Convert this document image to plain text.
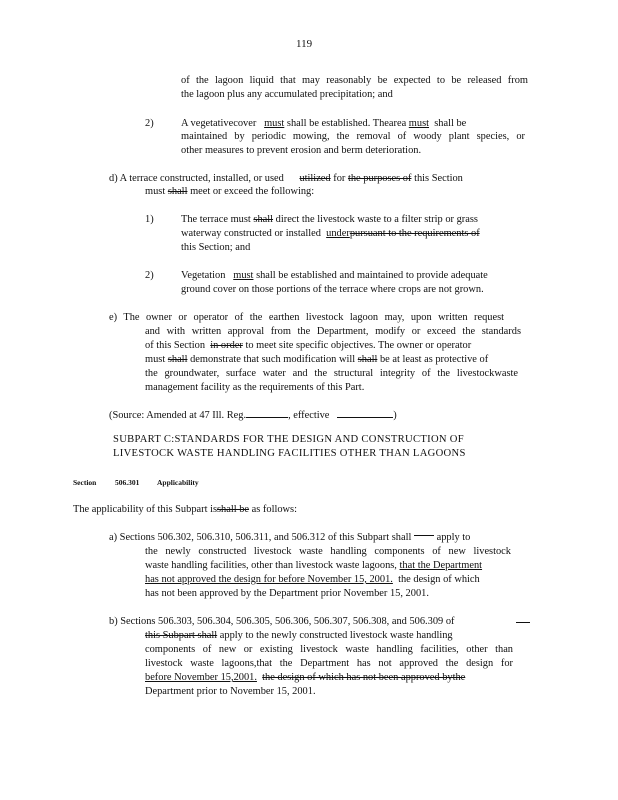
119
of the lagoon liquid that may reasonably be expected to be released from
the lagoon plus any accumulated precipitation; and
2)	A vegetativecover must shall be established. Thearea must shall be
maintained by periodic mowing, the removal of woody plant species, or
other measures to prevent erosion and berm deterioration.
d) A terrace constructed, installed, or used utilized for the purposes of this Section
must shall meet or exceed the following:
1)	The terrace must shall direct the livestock waste to a filter strip or grass
waterway constructed or installed underpursuant to the requirements of
this Section; and
2)	Vegetation must shall be established and maintained to provide adequate
ground cover on those portions of the terrace where crops are not grown.
e) The owner or operator of the earthen livestock lagoon may, upon written request
and with written approval from the Department, modify or exceed the standards
of this Section in order to meet site specific objectives. The owner or operator
must shall demonstrate that such modification will shall be at least as protective of
the groundwater, surface water and the structural integrity of the livestockwaste
management facility as the requirements of this Part.
(Source: Amended at 47 Ill. Reg.	, effective	)
SUBPART C:STANDARDS FOR THE DESIGN AND CONSTRUCTION OF
LIVESTOCK WASTE HANDLING FACILITIES OTHER THAN LAGOONS
Section 506.301 Applicability
The applicability of this Subpart isshall be as follows:
a) Sections 506.302, 506.310, 506.311, and 506.312 of this Subpart shall apply to
the newly constructed livestock waste handling components of new livestock
waste handling facilities, other than livestock waste lagoons, that the Department
has not approved the design for before November 15, 2001. the design of which
has not been approved by the Department prior November 15, 2001.
b) Sections 506.303, 506.304, 506.305, 506.306, 506.307, 506.308, and 506.309 of
this Subpart shall apply to the newly constructed livestock waste handling
components of new or existing livestock waste handling facilities, other than
livestock waste lagoons,that the Department has not approved the design for
before November 15,2001. the design of which has not been approved bythe
Department prior to November 15, 2001.
